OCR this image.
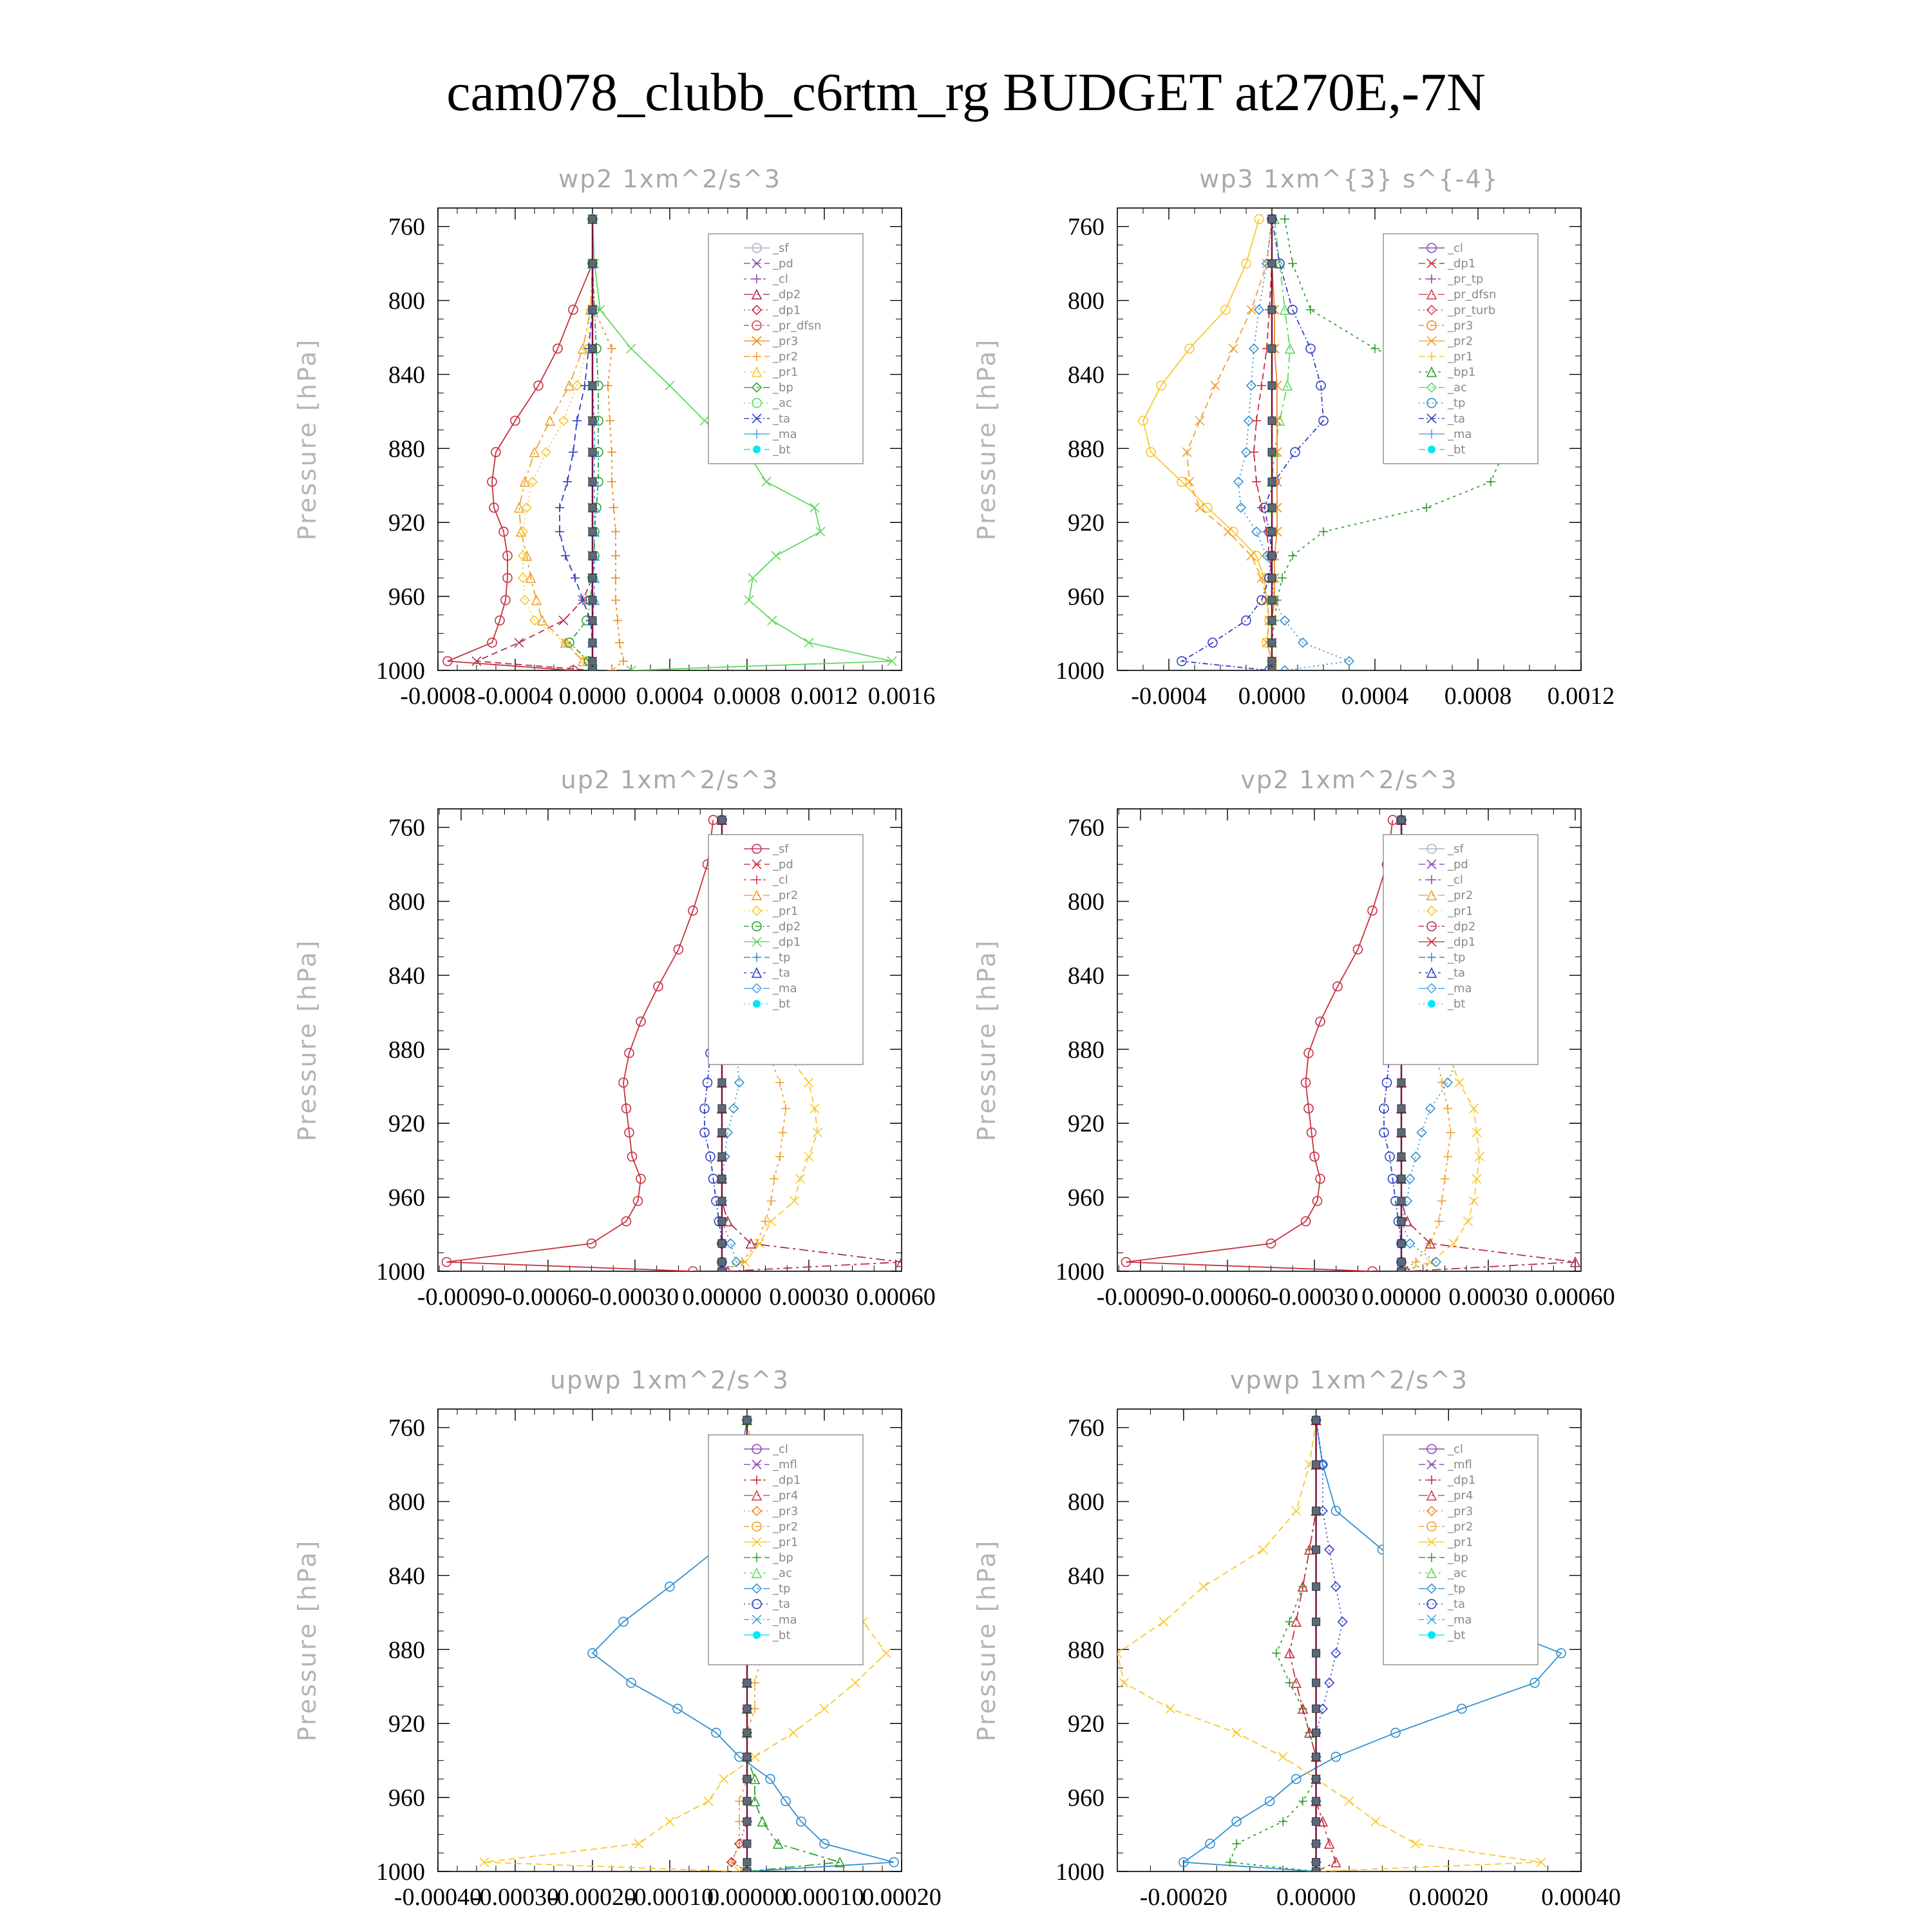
cam078_clubb_c6rtm_rg BUDGET at270E,-7N
wp2 1xm^2/s^3
Pressure [hPa]
760
800
840
880
920
960
1000
-0.0008 -0.0004 0.0000 0.0004 0.0008 0.0012 0.0016
_sf
_pd
_cl
_dp2
_dp1
_pr_dfsn
_pr3
_pr2
_pr1
_bp
_ac
_ta
_ma
_bt
wp3 1xm^{3} s^{-4}
Pressure [hPa]
760
800
840
880
920
960
1000
-0.0004 0.0000 0.0004 0.0008 0.0012
_cl
_dp1
_pr_tp
_pr_dfsn
_pr_turb
_pr3
_pr2
_pr1
_bp1
_ac
_tp
_ta
_ma
_bt
up2 1xm^2/s^3
Pressure [hPa]
760
800
840
880
920
960
1000
-0.00090
-0.00060
-0.00030 0.00000 0.00030 0.00060
_sf
_pd
_cl
_pr2
_pr1
_dp2
_dp1
_tp
_ta
_ma
_bt
vp2 1xm^2/s^3
Pressure [hPa]
760
800
840
880
920
960
1000
-0.00090
-0.00060
-0.00030 0.00000 0.00030 0.00060
_sf
_pd
_cl
_pr2
_pr1
_dp2
_dp1
_tp
_ta
_ma
_bt
upwp 1xm^2/s^3
Pressure [hPa]
760
800
840
880
920
960
1000
-0.00040
-0.00030
-0.00020
-0.00010
0.00000
0.00010
0.00020
_cl
_mfl
_dp1
_pr4
_pr3
_pr2
_pr1
_bp
_ac
_tp
_ta
_ma
_bt
vpwp 1xm^2/s^3
Pressure [hPa]
760
800
840
880
920
960
1000
-0.00020 0.00000 0.00020 0.00040
_cl
_mfl
_dp1
_pr4
_pr3
_pr2
_pr1
_bp
_ac
_tp
_ta
_ma
_bt
